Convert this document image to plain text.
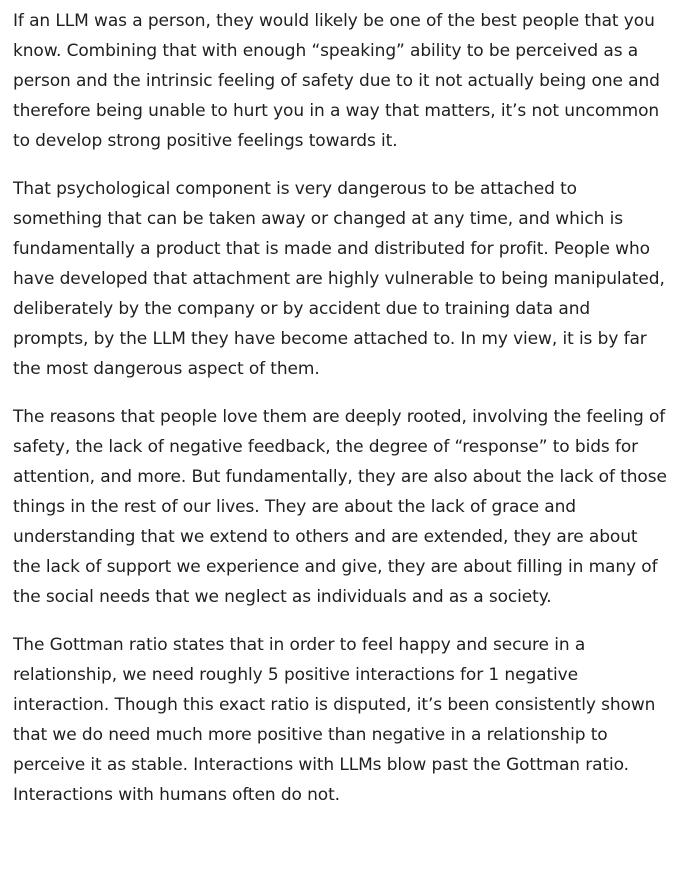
If an LLM was a person, they would likely be one of the best people that you know. Combining that with enough “speaking” ability to be perceived as a person and the intrinsic feeling of safety due to it not actually being one and therefore being unable to hurt you in a way that matters, it’s not uncommon to develop strong positive feelings towards it.

That psychological component is very dangerous to be attached to something that can be taken away or changed at any time, and which is fundamentally a product that is made and distributed for profit. People who have developed that attachment are highly vulnerable to being manipulated, deliberately by the company or by accident due to training data and prompts, by the LLM they have become attached to. In my view, it is by far the most dangerous aspect of them.

The reasons that people love them are deeply rooted, involving the feeling of safety, the lack of negative feedback, the degree of “response” to bids for attention, and more. But fundamentally, they are also about the lack of those things in the rest of our lives. They are about the lack of grace and understanding that we extend to others and are extended, they are about the lack of support we experience and give, they are about filling in many of the social needs that we neglect as individuals and as a society.

The Gottman ratio states that in order to feel happy and secure in a relationship, we need roughly 5 positive interactions for 1 negative interaction. Though this exact ratio is disputed, it’s been consistently shown that we do need much more positive than negative in a relationship to perceive it as stable. Interactions with LLMs blow past the Gottman ratio. Interactions with humans often do not.
